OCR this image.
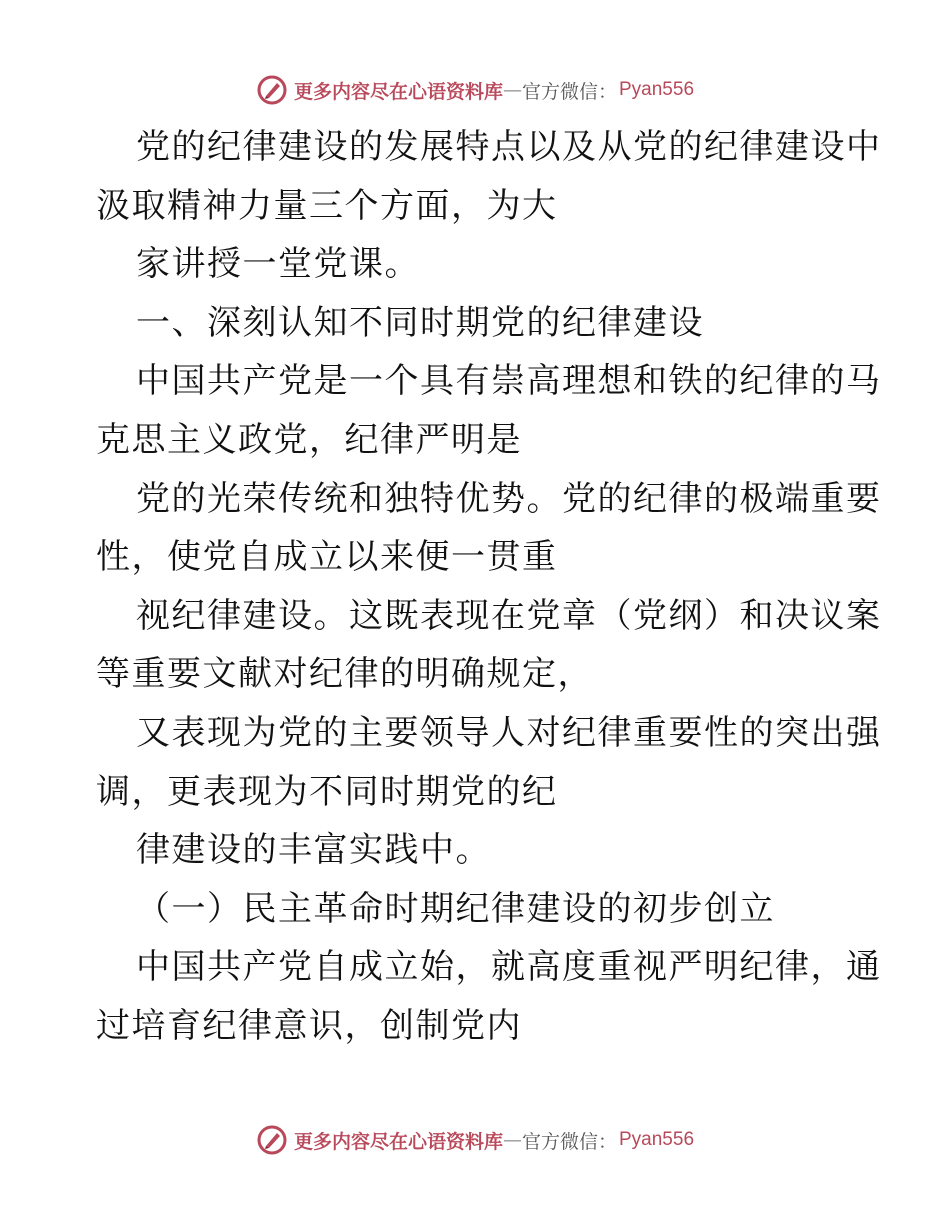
更多内容尽在心语资料库 — 官方微信： Pyan556
党的纪律建设的发展特点以及从党的纪律建设中
汲取精神力量三个方面，为大
家讲授一堂党课。
一、深刻认知不同时期党的纪律建设
中国共产党是一个具有崇高理想和铁的纪律的马
克思主义政党，纪律严明是
党的光荣传统和独特优势。党的纪律的极端重要
性，使党自成立以来便一贯重
视纪律建设。这既表现在党章（党纲）和决议案
等重要文献对纪律的明确规定，
又表现为党的主要领导人对纪律重要性的突出强
调，更表现为不同时期党的纪
律建设的丰富实践中。
（一）民主革命时期纪律建设的初步创立
中国共产党自成立始，就高度重视严明纪律，通
过培育纪律意识，创制党内
更多内容尽在心语资料库 — 官方微信： Pyan556
